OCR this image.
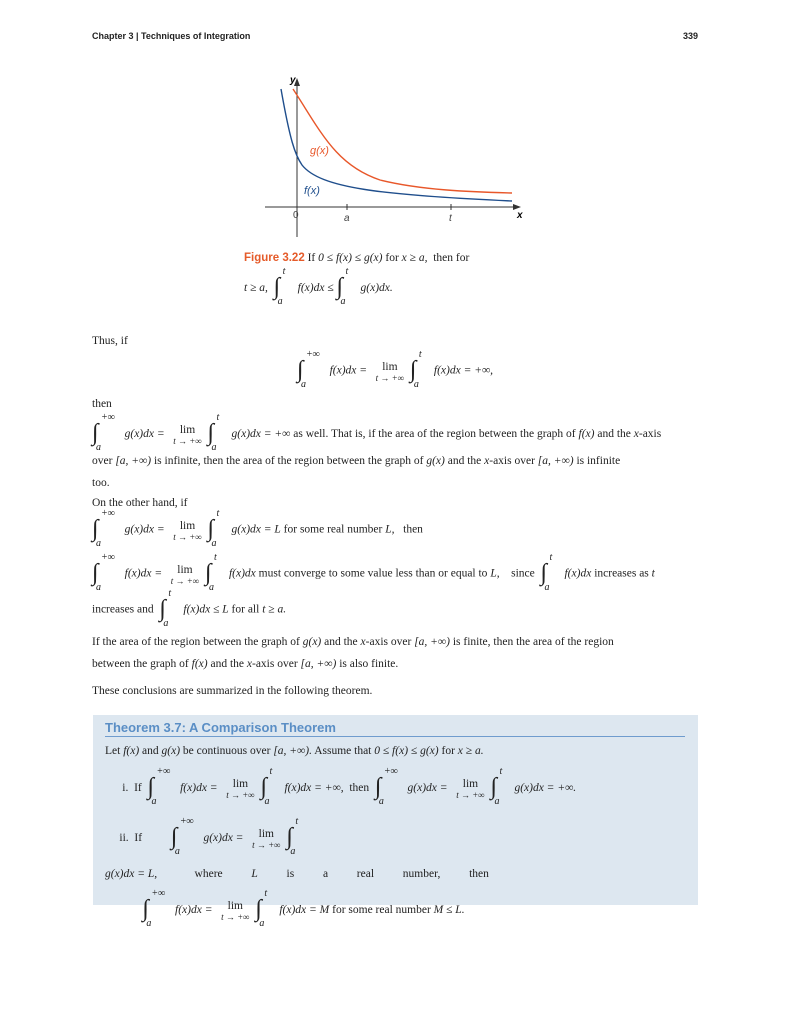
Chapter 3 | Techniques of Integration	339
y
x
0	a	t
g(x)
f(x)
Figure 3.22 If 0 ≤ f(x) ≤ g(x) for x ≥ a,  then for
t ≥ a, ∫
t
a
f(x)dx ≤ ∫
t
a
g(x)dx.
Thus, if
∫
+∞
a
f(x)dx =	lim
t → +∞ ∫
t
a
f(x)dx = +∞,
then
∫
+∞
a
g(x)dx =	lim
t → +∞ ∫
t
a
g(x)dx = +∞ as well. That is, if the area of the region between the graph of f(x) and the x-axis
over [a, +∞) is infinite, then the area of the region between the graph of g(x) and the x-axis over [a, +∞) is infinite
too.
On the other hand, if
∫
+∞
a
g(x)dx =	lim
t → +∞ ∫
t
a
g(x)dx = L for some real number L,   then
∫
+∞
a
f(x)dx =	lim
t → +∞ ∫
t
a
f(x)dx must converge to some value less than or equal to L,    since ∫
t
a
f(x)dx increases as t
increases and ∫
t
a
f(x)dx ≤ L for all t ≥ a.
If the area of the region between the graph of g(x) and the x-axis over [a, +∞) is finite, then the area of the region
between the graph of f(x) and the x-axis over [a, +∞) is also finite.
These conclusions are summarized in the following theorem.
Theorem 3.7: A Comparison Theorem
Let f(x) and g(x) be continuous over [a, +∞). Assume that 0 ≤ f(x) ≤ g(x) for x ≥ a.
i.  If ∫
+∞
a
f(x)dx =	lim
t → +∞ ∫
t
a
f(x)dx = +∞,  then ∫
+∞
a
g(x)dx =	lim
t → +∞ ∫
t
a
g(x)dx = +∞.
ii.  If ∫
+∞
a
g(x)dx =	lim
t → +∞ ∫
t
a
g(x)dx = L,             where          L          is          a          real          number,          then

∫
+∞
a
f(x)dx =	lim
t → +∞ ∫
t
a
f(x)dx = M for some real number M ≤ L.
